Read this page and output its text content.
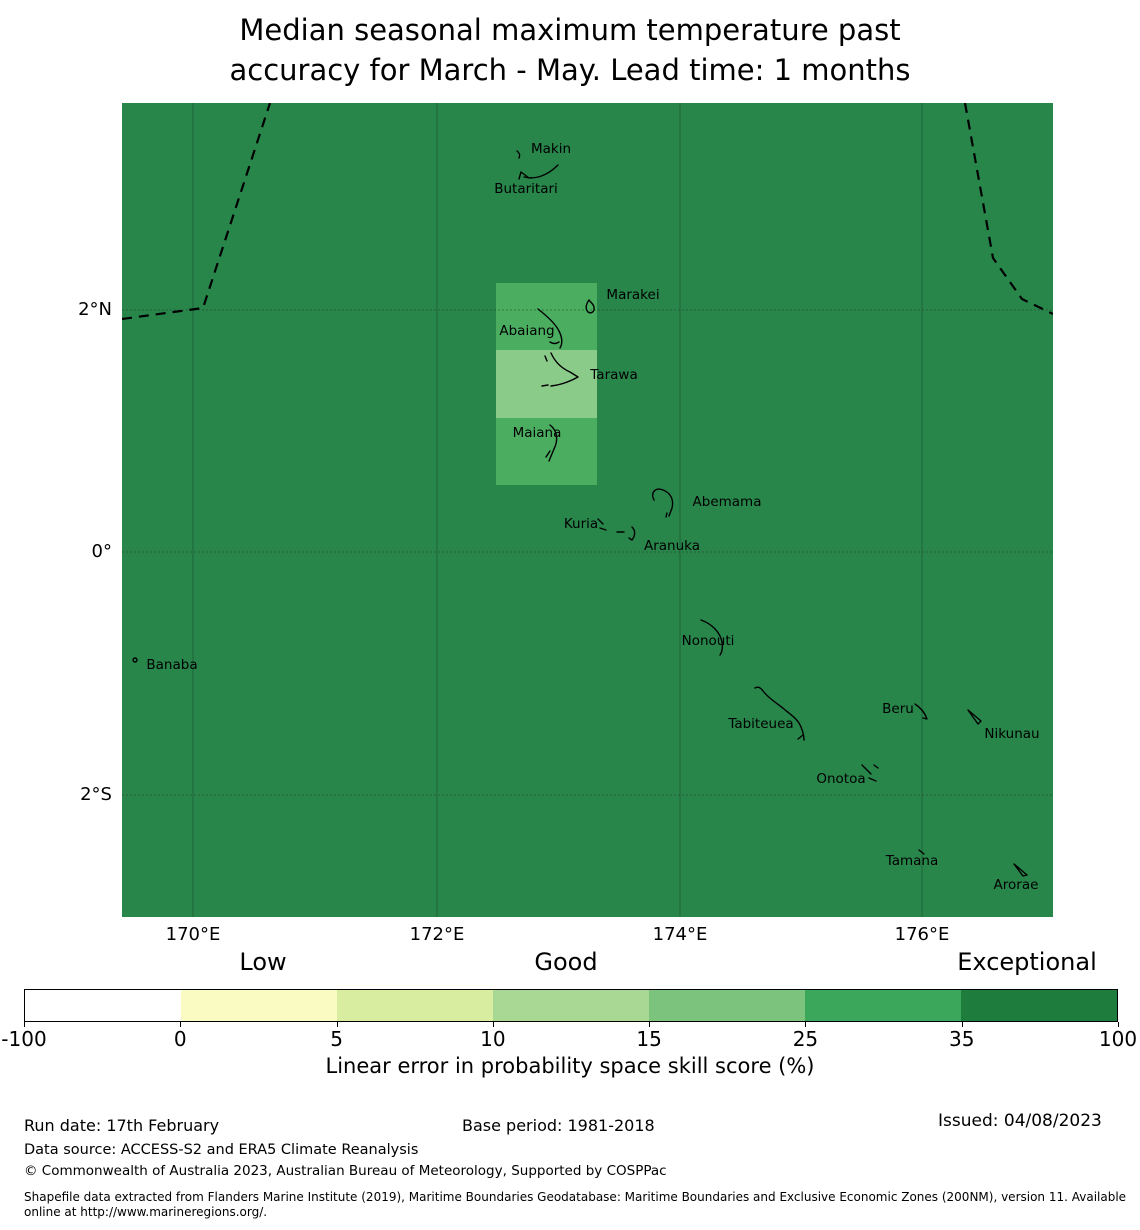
Median seasonal maximum temperature past
accuracy for March - May. Lead time: 1 months
Makin
Butaritari
Marakei
Abaiang
Tarawa
Maiana
Abemama
Kuria
Aranuka
Banaba
Nonouti
Tabiteuea
Beru
Nikunau
Onotoa
Tamana
Arorae
2°N
0°
2°S
170°E	172°E	174°E	176°E
Low	Good	Exceptional
-100	0	5	10	15	25	35	100
Linear error in probability space skill score (%)
Run date: 17th February	Base period: 1981-2018	Issued: 04/08/2023
Data source: ACCESS-S2 and ERA5 Climate Reanalysis
© Commonwealth of Australia 2023, Australian Bureau of Meteorology, Supported by COSPPac
Shapefile data extracted from Flanders Marine Institute (2019), Maritime Boundaries Geodatabase: Maritime Boundaries and Exclusive Economic Zones (200NM), version 11. Available online at http://www.marineregions.org/.
